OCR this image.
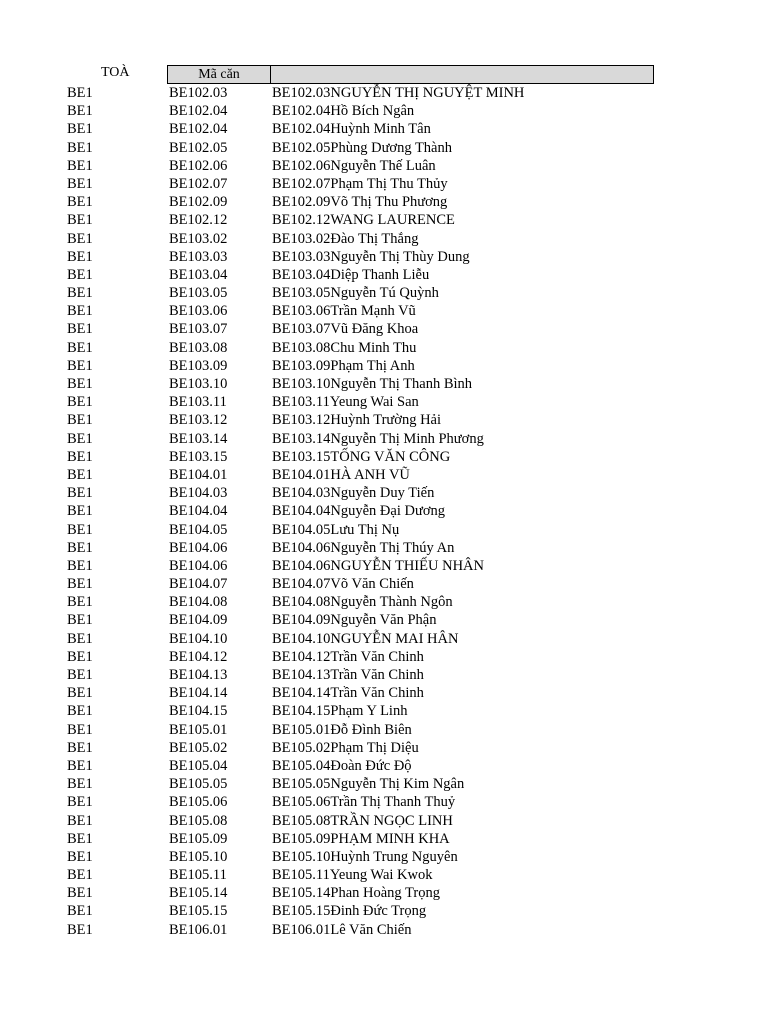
TOÀ	Mã căn
BE1	BE102.03	BE102.03NGUYỄN THỊ NGUYỆT MINH
BE1	BE102.04	BE102.04Hồ Bích Ngân
BE1	BE102.04	BE102.04Huỳnh Minh Tân
BE1	BE102.05	BE102.05Phùng Dương Thành
BE1	BE102.06	BE102.06Nguyễn Thế Luân
BE1	BE102.07	BE102.07Phạm Thị Thu Thủy
BE1	BE102.09	BE102.09Võ Thị Thu Phương
BE1	BE102.12	BE102.12WANG LAURENCE
BE1	BE103.02	BE103.02Đào Thị Thắng
BE1	BE103.03	BE103.03Nguyễn Thị Thùy Dung
BE1	BE103.04	BE103.04Diệp Thanh Liễu
BE1	BE103.05	BE103.05Nguyễn Tú Quỳnh
BE1	BE103.06	BE103.06Trần Mạnh Vũ
BE1	BE103.07	BE103.07Vũ Đăng Khoa
BE1	BE103.08	BE103.08Chu Minh Thu
BE1	BE103.09	BE103.09Phạm Thị Anh
BE1	BE103.10	BE103.10Nguyễn Thị Thanh Bình
BE1	BE103.11	BE103.11Yeung Wai San
BE1	BE103.12	BE103.12Huỳnh Trường Hải
BE1	BE103.14	BE103.14Nguyễn Thị Minh Phương
BE1	BE103.15	BE103.15TỐNG VĂN CÔNG
BE1	BE104.01	BE104.01HÀ ANH VŨ
BE1	BE104.03	BE104.03Nguyễn Duy Tiến
BE1	BE104.04	BE104.04Nguyễn Đại Dương
BE1	BE104.05	BE104.05Lưu Thị Nụ
BE1	BE104.06	BE104.06Nguyễn Thị Thúy An
BE1	BE104.06	BE104.06NGUYỄN THIẾU NHÂN
BE1	BE104.07	BE104.07Võ Văn Chiến
BE1	BE104.08	BE104.08Nguyễn Thành Ngôn
BE1	BE104.09	BE104.09Nguyễn Văn Phận
BE1	BE104.10	BE104.10NGUYỄN MAI HÂN
BE1	BE104.12	BE104.12Trần Văn Chinh
BE1	BE104.13	BE104.13Trần Văn Chinh
BE1	BE104.14	BE104.14Trần Văn Chinh
BE1	BE104.15	BE104.15Phạm Y Linh
BE1	BE105.01	BE105.01Đỗ Đình Biên
BE1	BE105.02	BE105.02Phạm Thị Diệu
BE1	BE105.04	BE105.04Đoàn Đức Độ
BE1	BE105.05	BE105.05Nguyễn Thị Kim Ngân
BE1	BE105.06	BE105.06Trần Thị Thanh Thuỷ
BE1	BE105.08	BE105.08TRẦN NGỌC LINH
BE1	BE105.09	BE105.09PHẠM MINH KHA
BE1	BE105.10	BE105.10Huỳnh Trung Nguyên
BE1	BE105.11	BE105.11Yeung Wai Kwok
BE1	BE105.14	BE105.14Phan Hoàng Trọng
BE1	BE105.15	BE105.15Đinh Đức Trọng
BE1	BE106.01	BE106.01Lê Văn Chiến
